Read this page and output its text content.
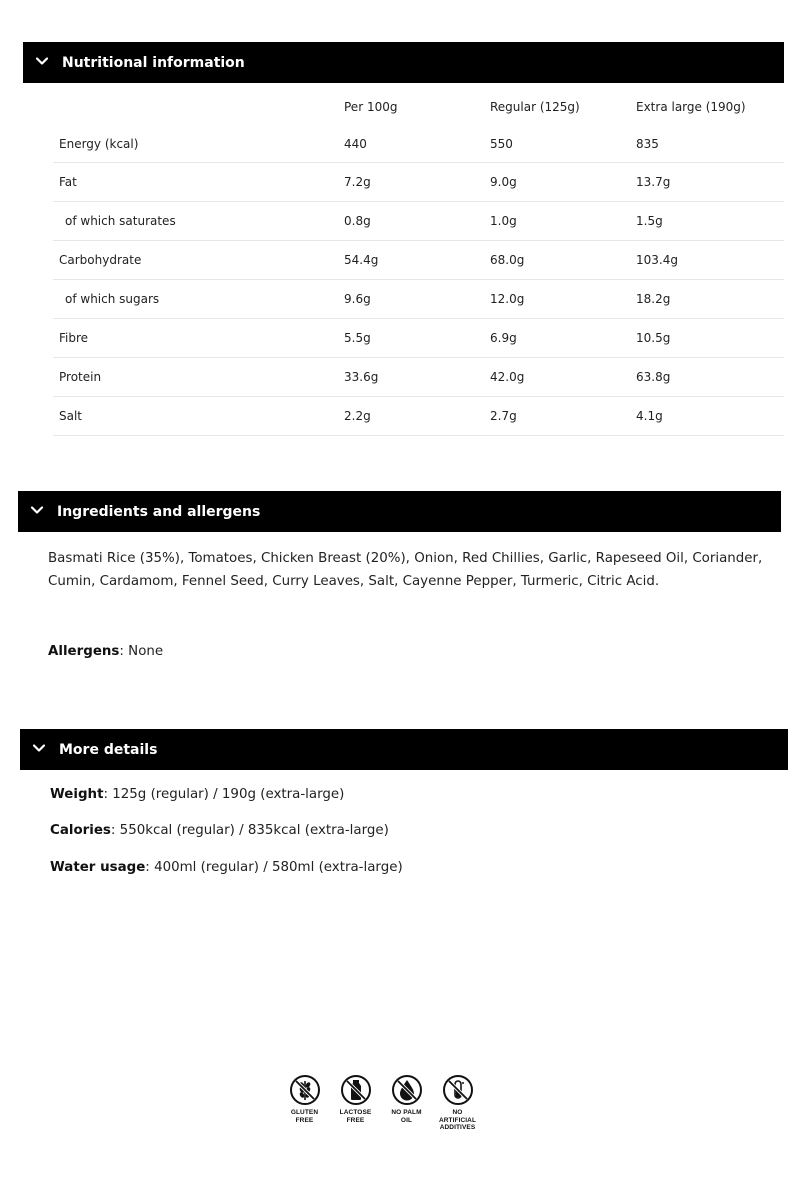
Nutritional information
	Per 100g	Regular (125g)	Extra large (190g)
Energy (kcal)	440	550	835
Fat	7.2g	9.0g	13.7g
of which saturates	0.8g	1.0g	1.5g
Carbohydrate	54.4g	68.0g	103.4g
of which sugars	9.6g	12.0g	18.2g
Fibre	5.5g	6.9g	10.5g
Protein	33.6g	42.0g	63.8g
Salt	2.2g	2.7g	4.1g
Ingredients and allergens

Basmati Rice (35%), Tomatoes, Chicken Breast (20%), Onion, Red Chillies, Garlic, Rapeseed Oil, Coriander, Cumin, Cardamom, Fennel Seed, Curry Leaves, Salt, Cayenne Pepper, Turmeric, Citric Acid.

Allergens: None

More details

Weight: 125g (regular) / 190g (extra-large)

Calories: 550kcal (regular) / 835kcal (extra-large)

Water usage: 400ml (regular) / 580ml (extra-large)

GLUTEN
FREE
LACTOSE
FREE
NO PALM
OIL
NO
ARTIFICIAL
ADDITIVES
